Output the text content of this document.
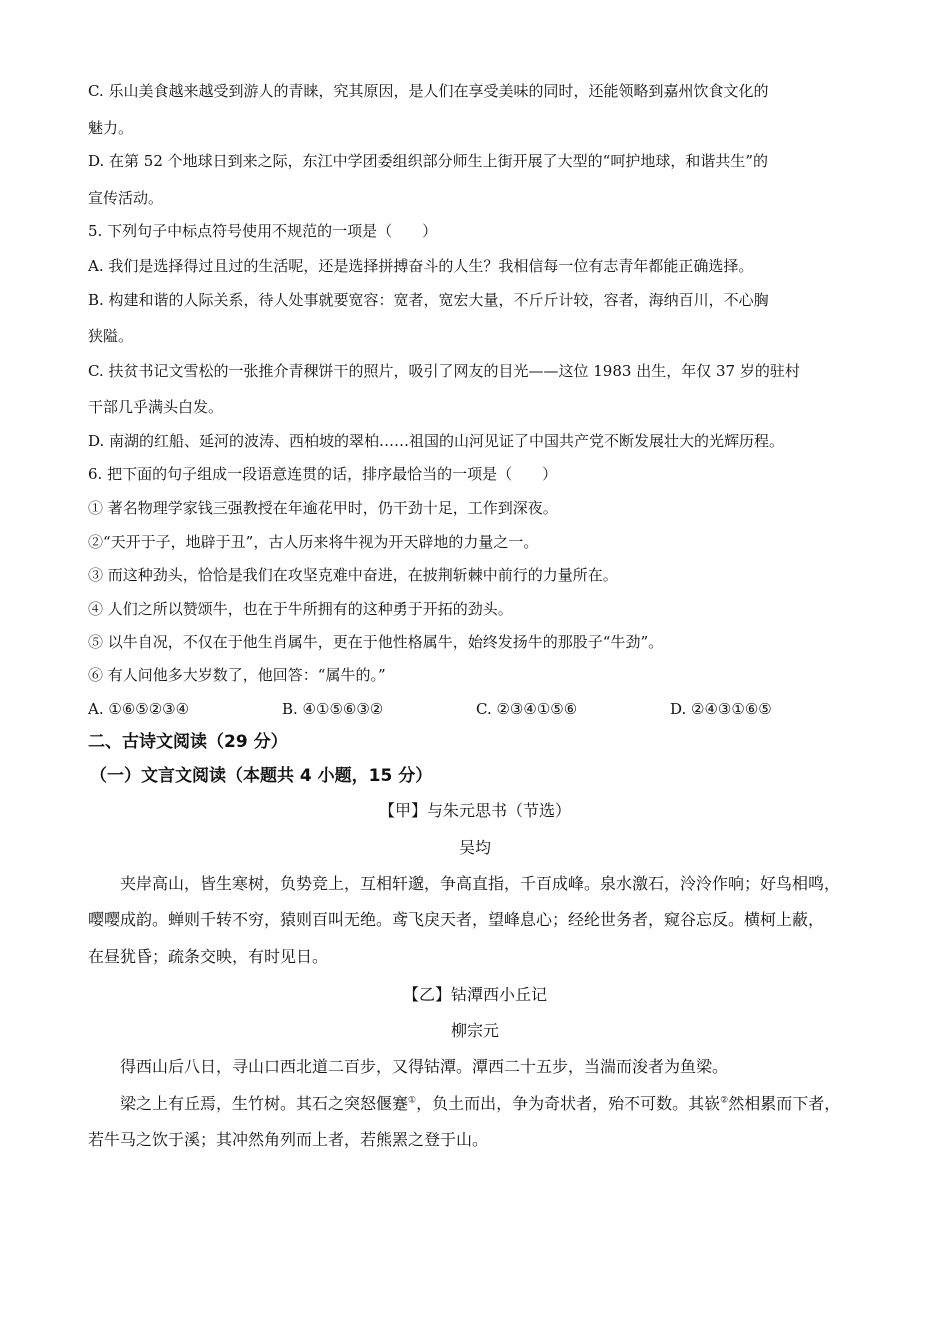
C. 乐山美食越来越受到游人的青睐，究其原因，是人们在享受美味的同时，还能领略到嘉州饮食文化的
魅力。
D. 在第 52 个地球日到来之际，东江中学团委组织部分师生上街开展了大型的“呵护地球，和谐共生”的
宣传活动。
5. 下列句子中标点符号使用不规范的一项是（　　）
A. 我们是选择得过且过的生活呢，还是选择拼搏奋斗的人生？我相信每一位有志青年都能正确选择。
B. 构建和谐的人际关系，待人处事就要宽容：宽者，宽宏大量，不斤斤计较，容者，海纳百川，不心胸
狭隘。
C. 扶贫书记文雪松的一张推介青稞饼干的照片，吸引了网友的目光——这位 1983 出生，年仅 37 岁的驻村
干部几乎满头白发。
D. 南湖的红船、延河的波涛、西柏坡的翠柏……祖国的山河见证了中国共产党不断发展壮大的光辉历程。
6. 把下面的句子组成一段语意连贯的话，排序最恰当的一项是（　　）
① 著名物理学家钱三强教授在年逾花甲时，仍干劲十足，工作到深夜。
②“天开于子，地辟于丑”，古人历来将牛视为开天辟地的力量之一。
③ 而这种劲头，恰恰是我们在攻坚克难中奋进，在披荆斩棘中前行的力量所在。
④ 人们之所以赞颂牛，也在于牛所拥有的这种勇于开拓的劲头。
⑤ 以牛自况，不仅在于他生肖属牛，更在于他性格属牛，始终发扬牛的那股子“牛劲”。
⑥ 有人问他多大岁数了，他回答：“属牛的。”
A. ①⑥⑤②③④	B. ④①⑤⑥③②	C. ②③④①⑤⑥	D. ②④③①⑥⑤
二、古诗文阅读（29 分）
（一）文言文阅读（本题共 4 小题，15 分）
【甲】与朱元思书（节选）
吴均
夹岸高山，皆生寒树，负势竞上，互相轩邈，争高直指，千百成峰。泉水激石，泠泠作响；好鸟相鸣，
嘤嘤成韵。蝉则千转不穷，猿则百叫无绝。鸢飞戾天者，望峰息心；经纶世务者，窥谷忘反。横柯上蔽，
在昼犹昏；疏条交映，有时见日。
【乙】钴潭西小丘记
柳宗元
得西山后八日，寻山口西北道二百步，又得钴潭。潭西二十五步，当湍而浚者为鱼梁。
梁之上有丘焉，生竹树。其石之突怒偃蹇①，负土而出，争为奇状者，殆不可数。其嵚②然相累而下者，
若牛马之饮于溪；其冲然角列而上者，若熊罴之登于山。
